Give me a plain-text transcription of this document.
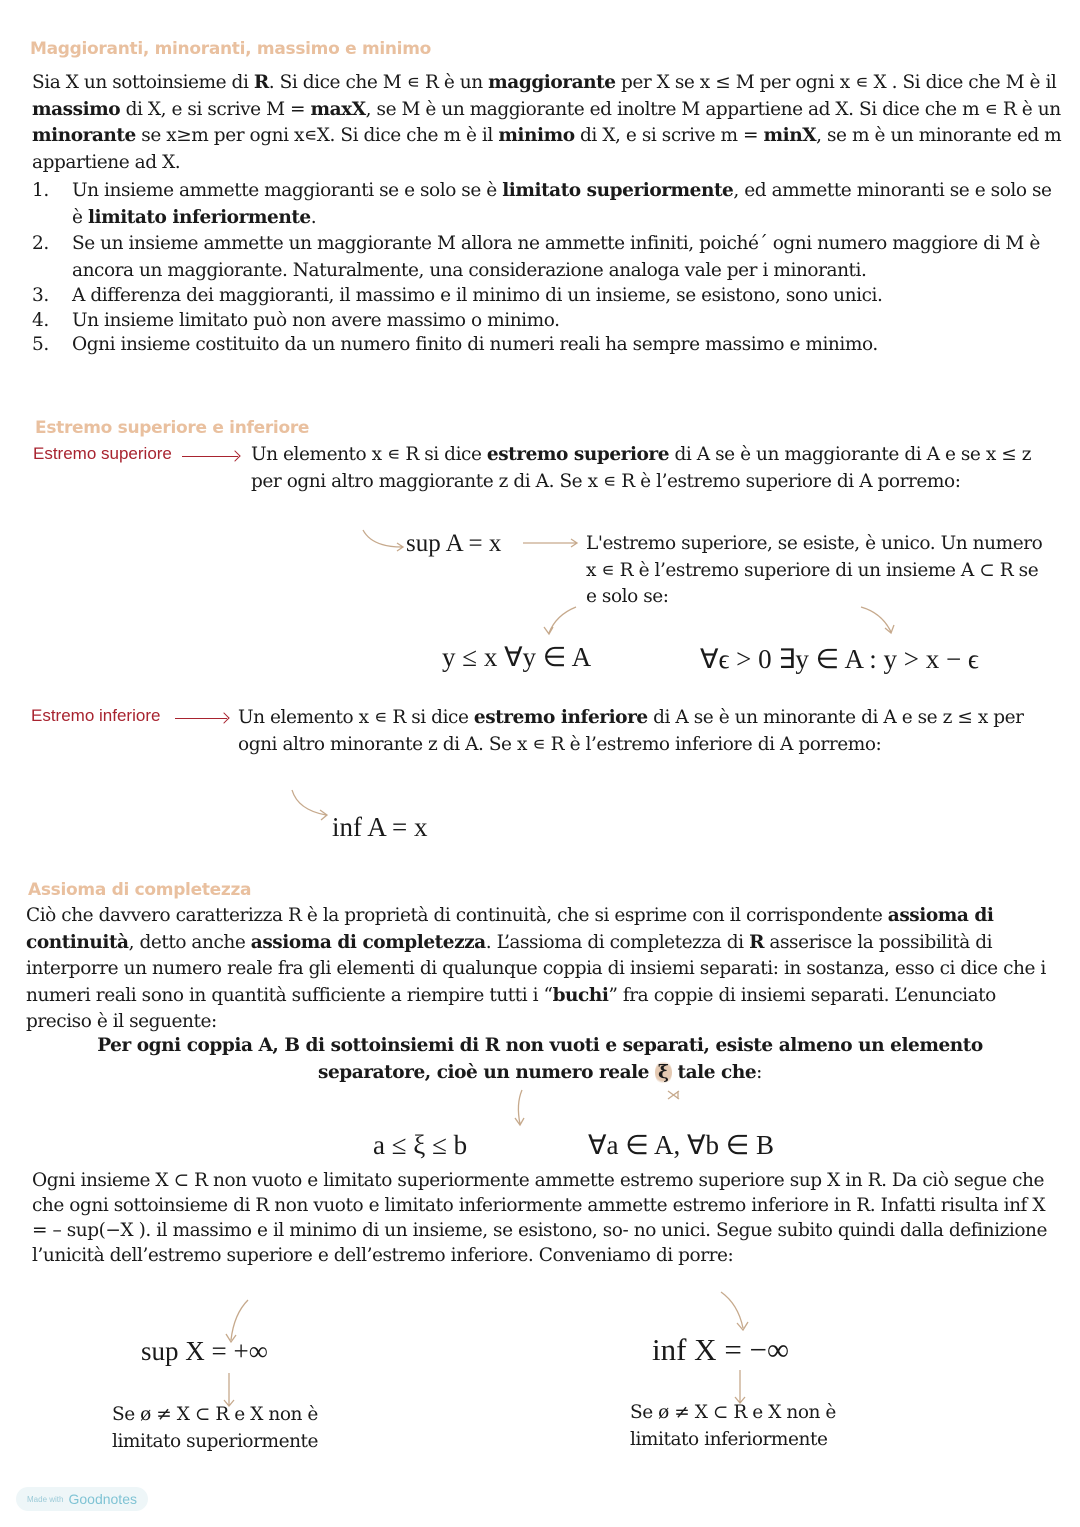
Maggioranti, minoranti, massimo e minimo
Sia X un sottoinsieme di R. Si dice che M ∊ R è un maggiorante per X se x ≤ M per ogni x ∊ X . Si dice che M è il massimo di X, e si scrive M = maxX, se M è un maggiorante ed inoltre M appartiene ad X. Si dice che m ∊ R è un minorante se x≥m per ogni x∊X. Si dice che m è il minimo di X, e si scrive m = minX, se m è un minorante ed m appartiene ad X.
1. Un insieme ammette maggioranti se e solo se è limitato superiormente, ed ammette minoranti se e solo se è limitato inferiormente.
2. Se un insieme ammette un maggiorante M allora ne ammette infiniti, poiché´ ogni numero maggiore di M è ancora un maggiorante. Naturalmente, una considerazione analoga vale per i minoranti.
3. A differenza dei maggioranti, il massimo e il minimo di un insieme, se esistono, sono unici.
4. Un insieme limitato può non avere massimo o minimo.
5. Ogni insieme costituito da un numero finito di numeri reali ha sempre massimo e minimo.
Estremo superiore e inferiore
Estremo superiore	Un elemento x ∊ R si dice estremo superiore di A se è un maggiorante di A e se x ≤ z per ogni altro maggiorante z di A. Se x ∊ R è l’estremo superiore di A porremo:
sup A = x	L'estremo superiore, se esiste, è unico. Un numero x ∊ R è l’estremo superiore di un insieme A ⊂ R se e solo se:
y ≤ x ∀y ∈ A	∀ϵ > 0 ∃y ∈ A : y > x − ϵ
Estremo inferiore	Un elemento x ∊ R si dice estremo inferiore di A se è un minorante di A e se z ≤ x per ogni altro minorante z di A. Se x ∊ R è l’estremo inferiore di A porremo:
inf A = x
Assioma di completezza
Ciò che davvero caratterizza R è la proprietà di continuità, che si esprime con il corrispondente assioma di continuità, detto anche assioma di completezza. L’assioma di completezza di R asserisce la possibilità di interporre un numero reale fra gli elementi di qualunque coppia di insiemi separati: in sostanza, esso ci dice che i numeri reali sono in quantità sufficiente a riempire tutti i “buchi” fra coppie di insiemi separati. L’enunciato preciso è il seguente:
Per ogni coppia A, B di sottoinsiemi di R non vuoti e separati, esiste almeno un elemento
separatore, cioè un numero reale ξ tale che:
a ≤ ξ ≤ b	∀a ∈ A, ∀b ∈ B
Ogni insieme X ⊂ R non vuoto e limitato superiormente ammette estremo superiore sup X in R. Da ciò segue che che ogni sottoinsieme di R non vuoto e limitato inferiormente ammette estremo inferiore in R. Infatti risulta inf X = – sup(−X ). il massimo e il minimo di un insieme, se esistono, so- no unici. Segue subito quindi dalla definizione l’unicità dell’estremo superiore e dell’estremo inferiore. Conveniamo di porre:
sup X = +∞
Se ø ≠ X ⊂ R e X non è
limitato superiormente
inf X = −∞
Se ø ≠ X ⊂ R e X non è
limitato inferiormente
Made with Goodnotes
